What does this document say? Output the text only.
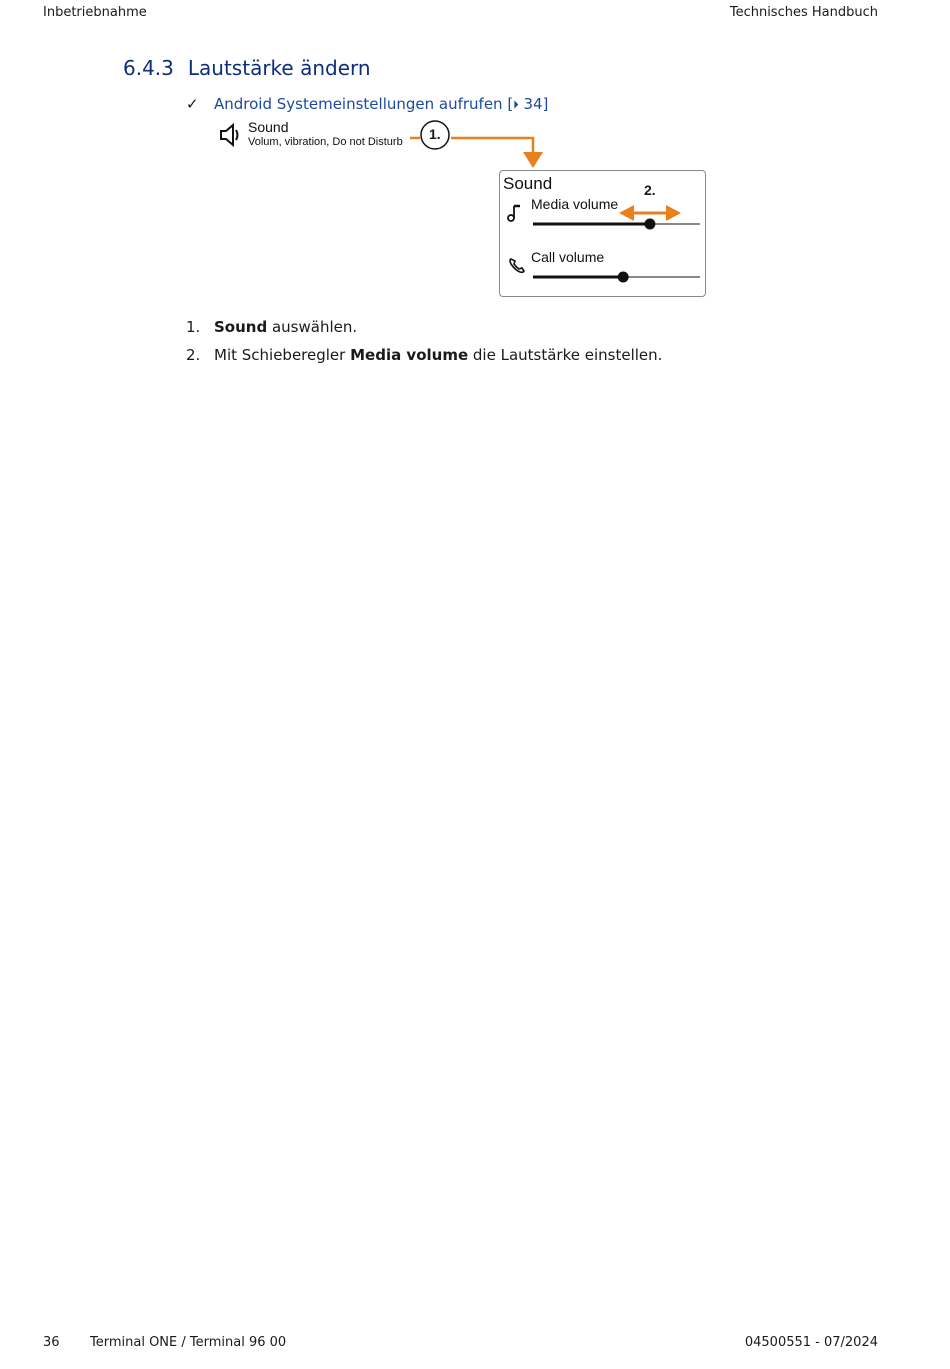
Inbetriebnahme	Technisches Handbuch
6.4.3 Lautstärke ändern
✓ Android Systemeinstellungen aufrufen [⏵ 34]
Sound
Volum, vibration, Do not Disturb 1.
Sound
Media volume
Call volume
2.
1. Sound auswählen.
2. Mit Schieberegler Media volume die Lautstärke einstellen.
36 Terminal ONE / Terminal 96 00	04500551 - 07/2024
